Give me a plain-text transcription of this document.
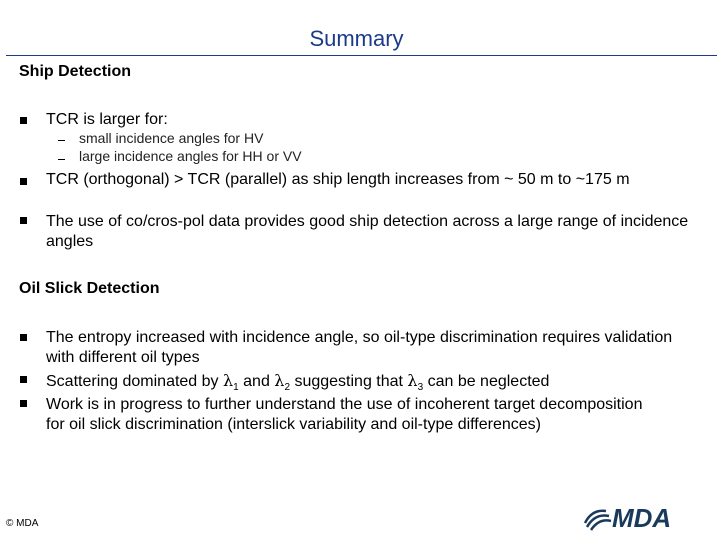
Summary
Ship Detection
TCR is larger for:
small incidence angles for HV
large incidence angles for HH or VV
TCR (orthogonal) > TCR (parallel) as ship length increases from ~ 50 m to ~175 m
The use of co/cros-pol data provides good ship detection across a large range of incidence angles
Oil Slick Detection
The entropy increased with incidence angle, so oil-type discrimination requires validation with different oil types
Scattering dominated by $\lambda_1$ and $\lambda_2$ suggesting that $\lambda_3$ can be neglected
Work is in progress to further understand the use of incoherent target decomposition for oil slick discrimination (interslick variability and oil-type differences)
© MDA	MDA
